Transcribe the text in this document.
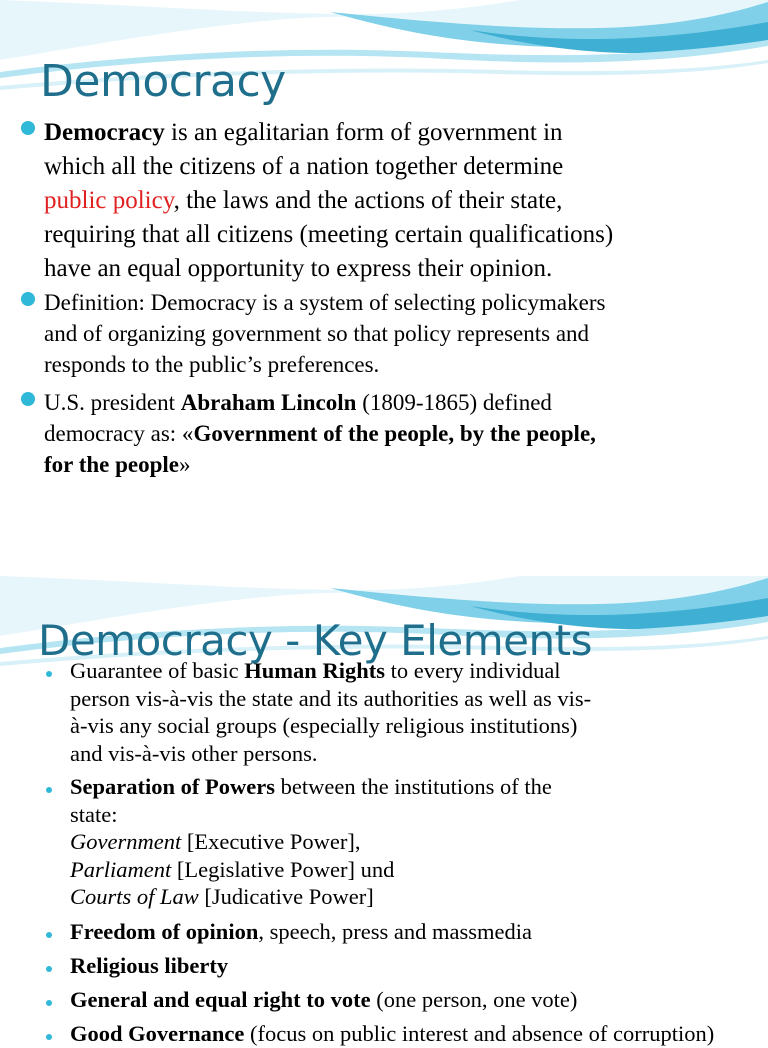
Democracy
Democracy is an egalitarian form of government in
which all the citizens of a nation together determine
public policy, the laws and the actions of their state,
requiring that all citizens (meeting certain qualifications)
have an equal opportunity to express their opinion.
Definition: Democracy is a system of selecting policymakers
and of organizing government so that policy represents and
responds to the public’s preferences.
U.S. president Abraham Lincoln (1809-1865) defined
democracy as: «Government of the people, by the people,
for the people»
Democracy - Key Elements
Guarantee of basic Human Rights to every individual
person vis-à-vis the state and its authorities as well as vis-
à-vis any social groups (especially religious institutions)
and vis-à-vis other persons.
Separation of Powers between the institutions of the
state:
Government [Executive Power],
Parliament [Legislative Power] und
Courts of Law [Judicative Power]
Freedom of opinion, speech, press and massmedia
Religious liberty
General and equal right to vote (one person, one vote)
Good Governance (focus on public interest and absence of corruption)
